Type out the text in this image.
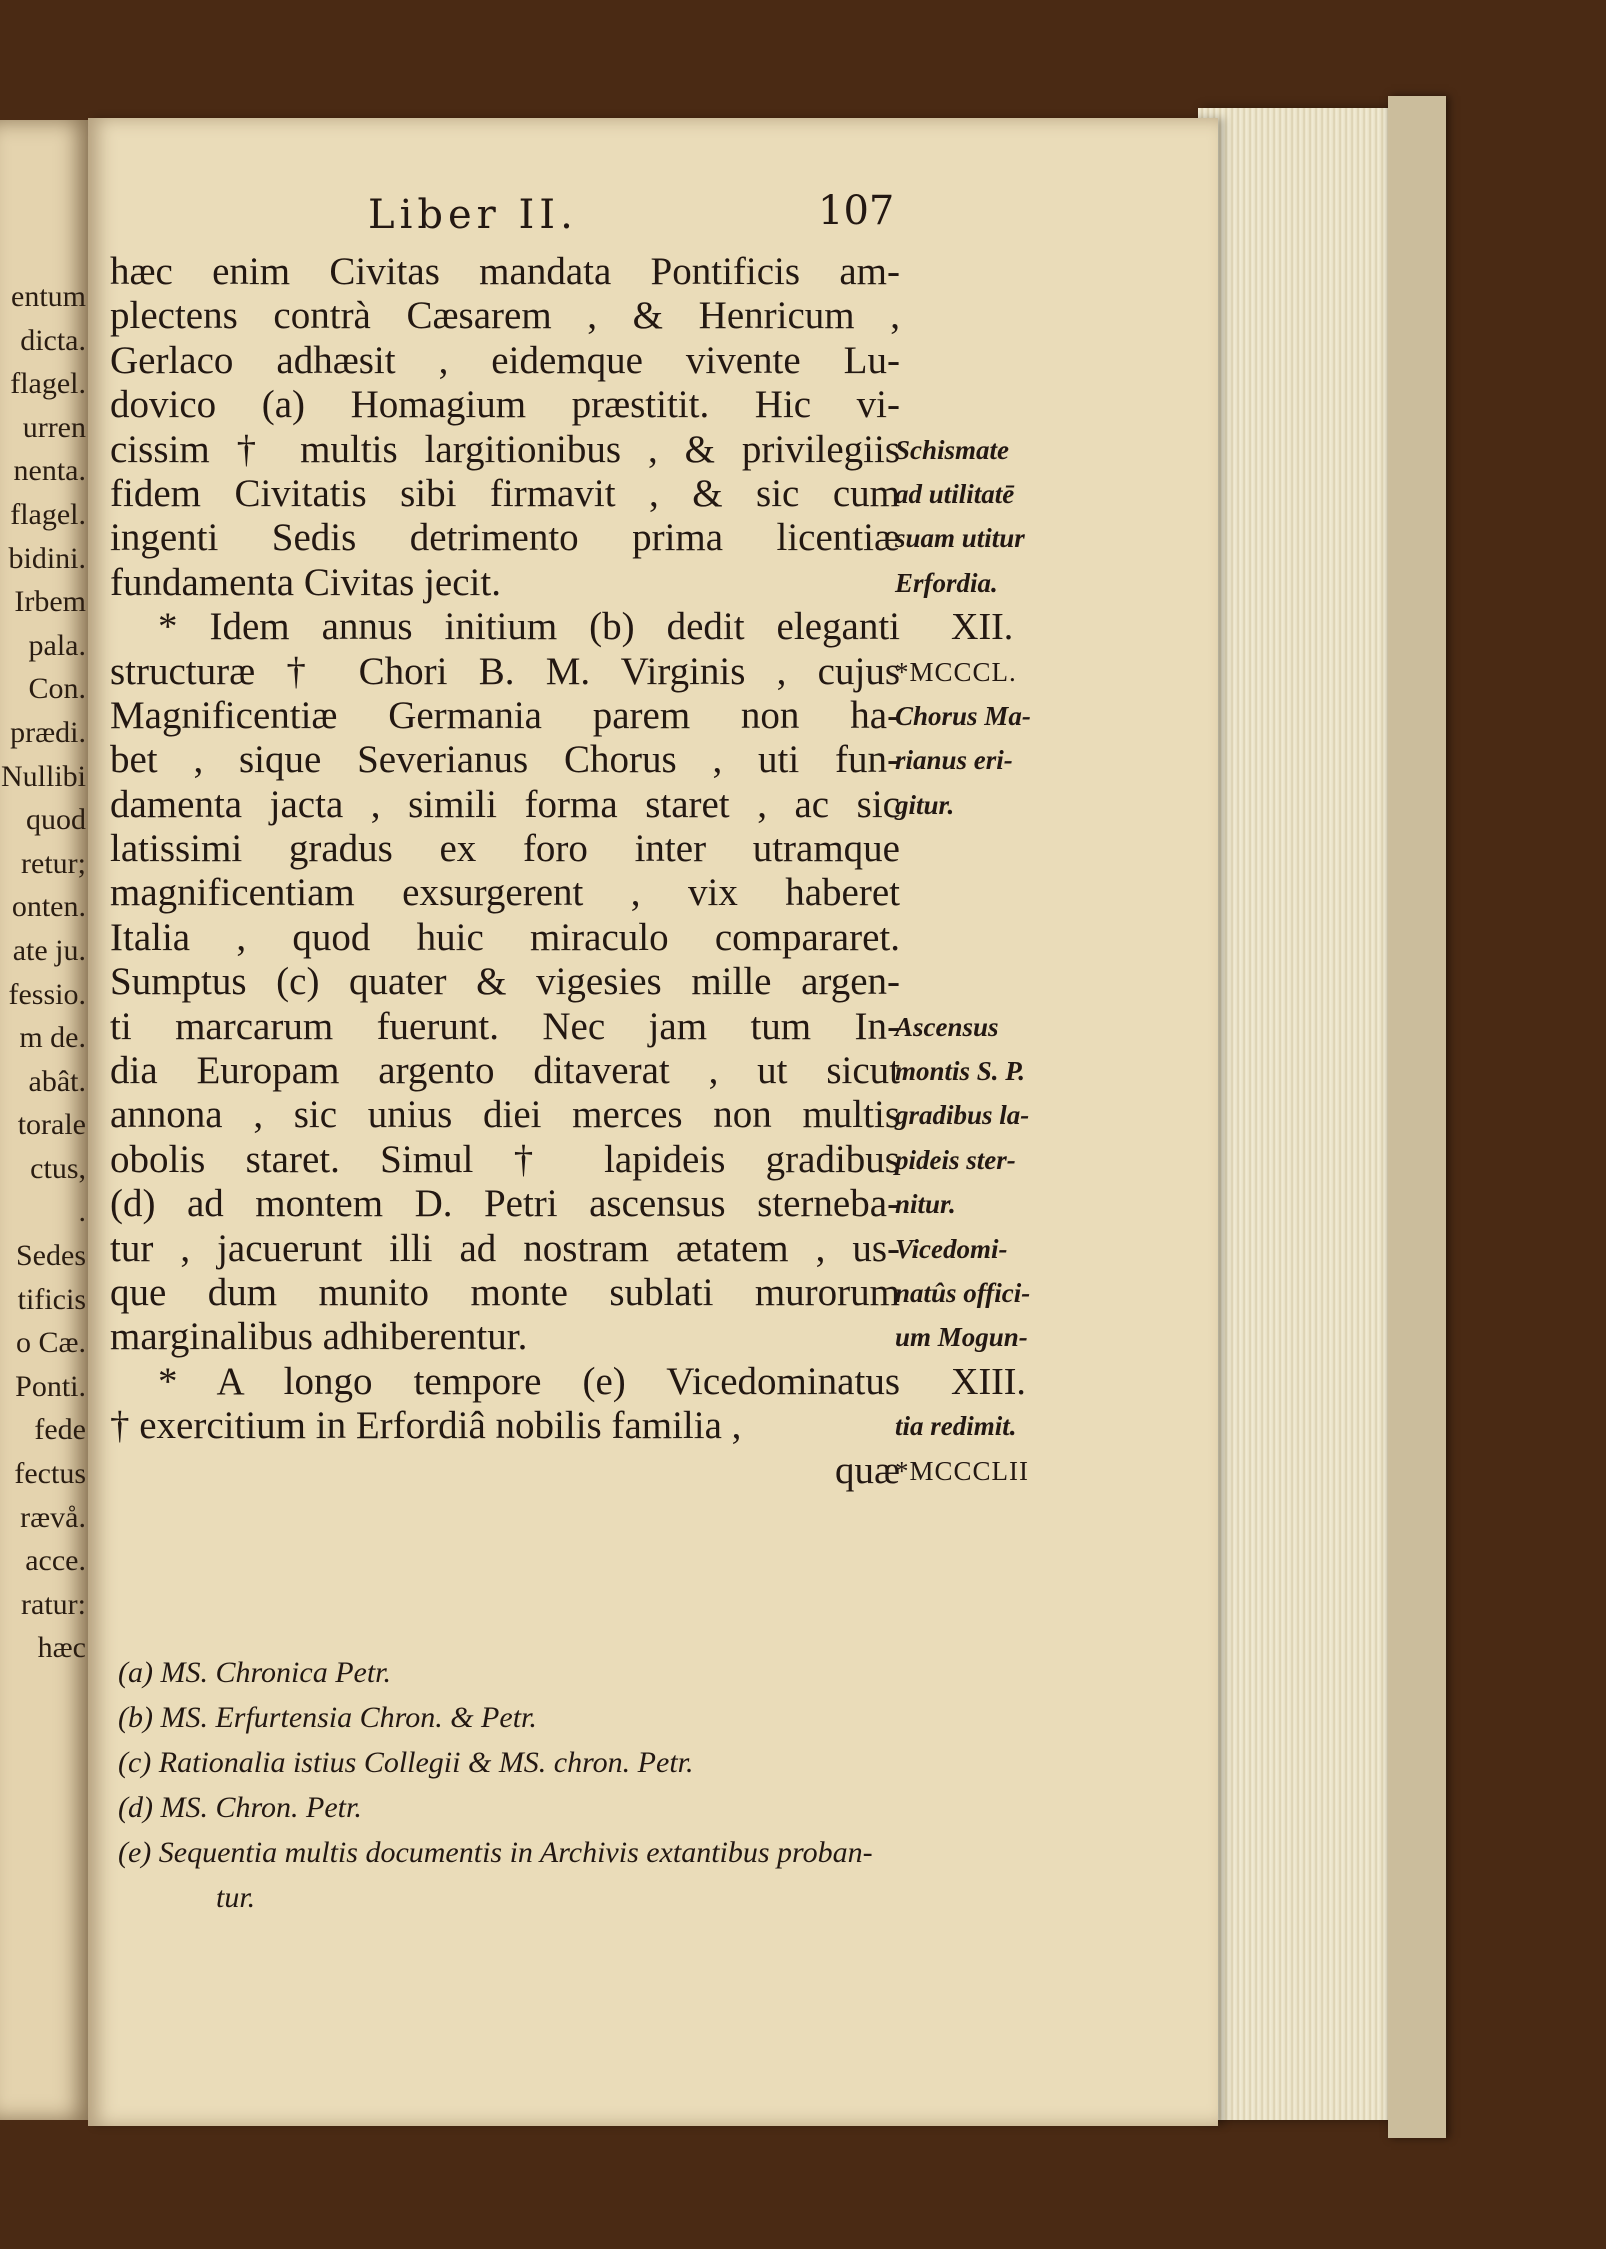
entum
dicta.
flagel.
urren
nenta.
flagel.
bidini.
Irbem
pala.
Con.
prædi.
Nullibi
quod
retur;
onten.
ate ju.
fessio.
m de.
abât.
torale
ctus,
.
Sedes
tificis
o Cæ.
Ponti.
fede
fectus
rævå.
acce.
ratur:
hæc
Liber II.	107
hæc enim Civitas mandata Pontificis am-
plectens contrà Cæsarem , & Henricum ,
Gerlaco adhæsit , eidemque vivente Lu-
dovico (a) Homagium præstitit. Hic vi-
cissim † multis largitionibus , & privilegiis
fidem Civitatis sibi firmavit , & sic cum
ingenti Sedis detrimento prima licentiæ
fundamenta Civitas jecit.
* Idem annus initium (b) dedit eleganti
structuræ † Chori B. M. Virginis , cujus
Magnificentiæ Germania parem non ha-
bet , sique Severianus Chorus , uti fun-
damenta jacta , simili forma staret , ac sic
latissimi gradus ex foro inter utramque
magnificentiam exsurgerent , vix haberet
Italia , quod huic miraculo compararet.
Sumptus (c) quater & vigesies mille argen-
ti marcarum fuerunt. Nec jam tum In-
dia Europam argento ditaverat , ut sicut
annona , sic unius diei merces non multis
obolis staret. Simul † lapideis gradibus
(d) ad montem D. Petri ascensus sterneba-
tur , jacuerunt illi ad nostram ætatem , us-
que dum munito monte sublati murorum
marginalibus adhiberentur.
* A longo tempore (e) Vicedominatus
† exercitium in Erfordiâ nobilis familia ,
quæ
Schismate
ad utilitatē
suam utitur
Erfordia.
XII.
*MCCCL.
Chorus Ma-
rianus eri-
gitur.
Ascensus
montis S. P.
gradibus la-
pideis ster-
nitur.
Vicedomi-
natûs offici-
um Mogun-
XIII.
tia redimit.
*MCCCLII
(a) MS. Chronica Petr.
(b) MS. Erfurtensia Chron. & Petr.
(c) Rationalia istius Collegii & MS. chron. Petr.
(d) MS. Chron. Petr.
(e) Sequentia multis documentis in Archivis extantibus proban-
tur.
